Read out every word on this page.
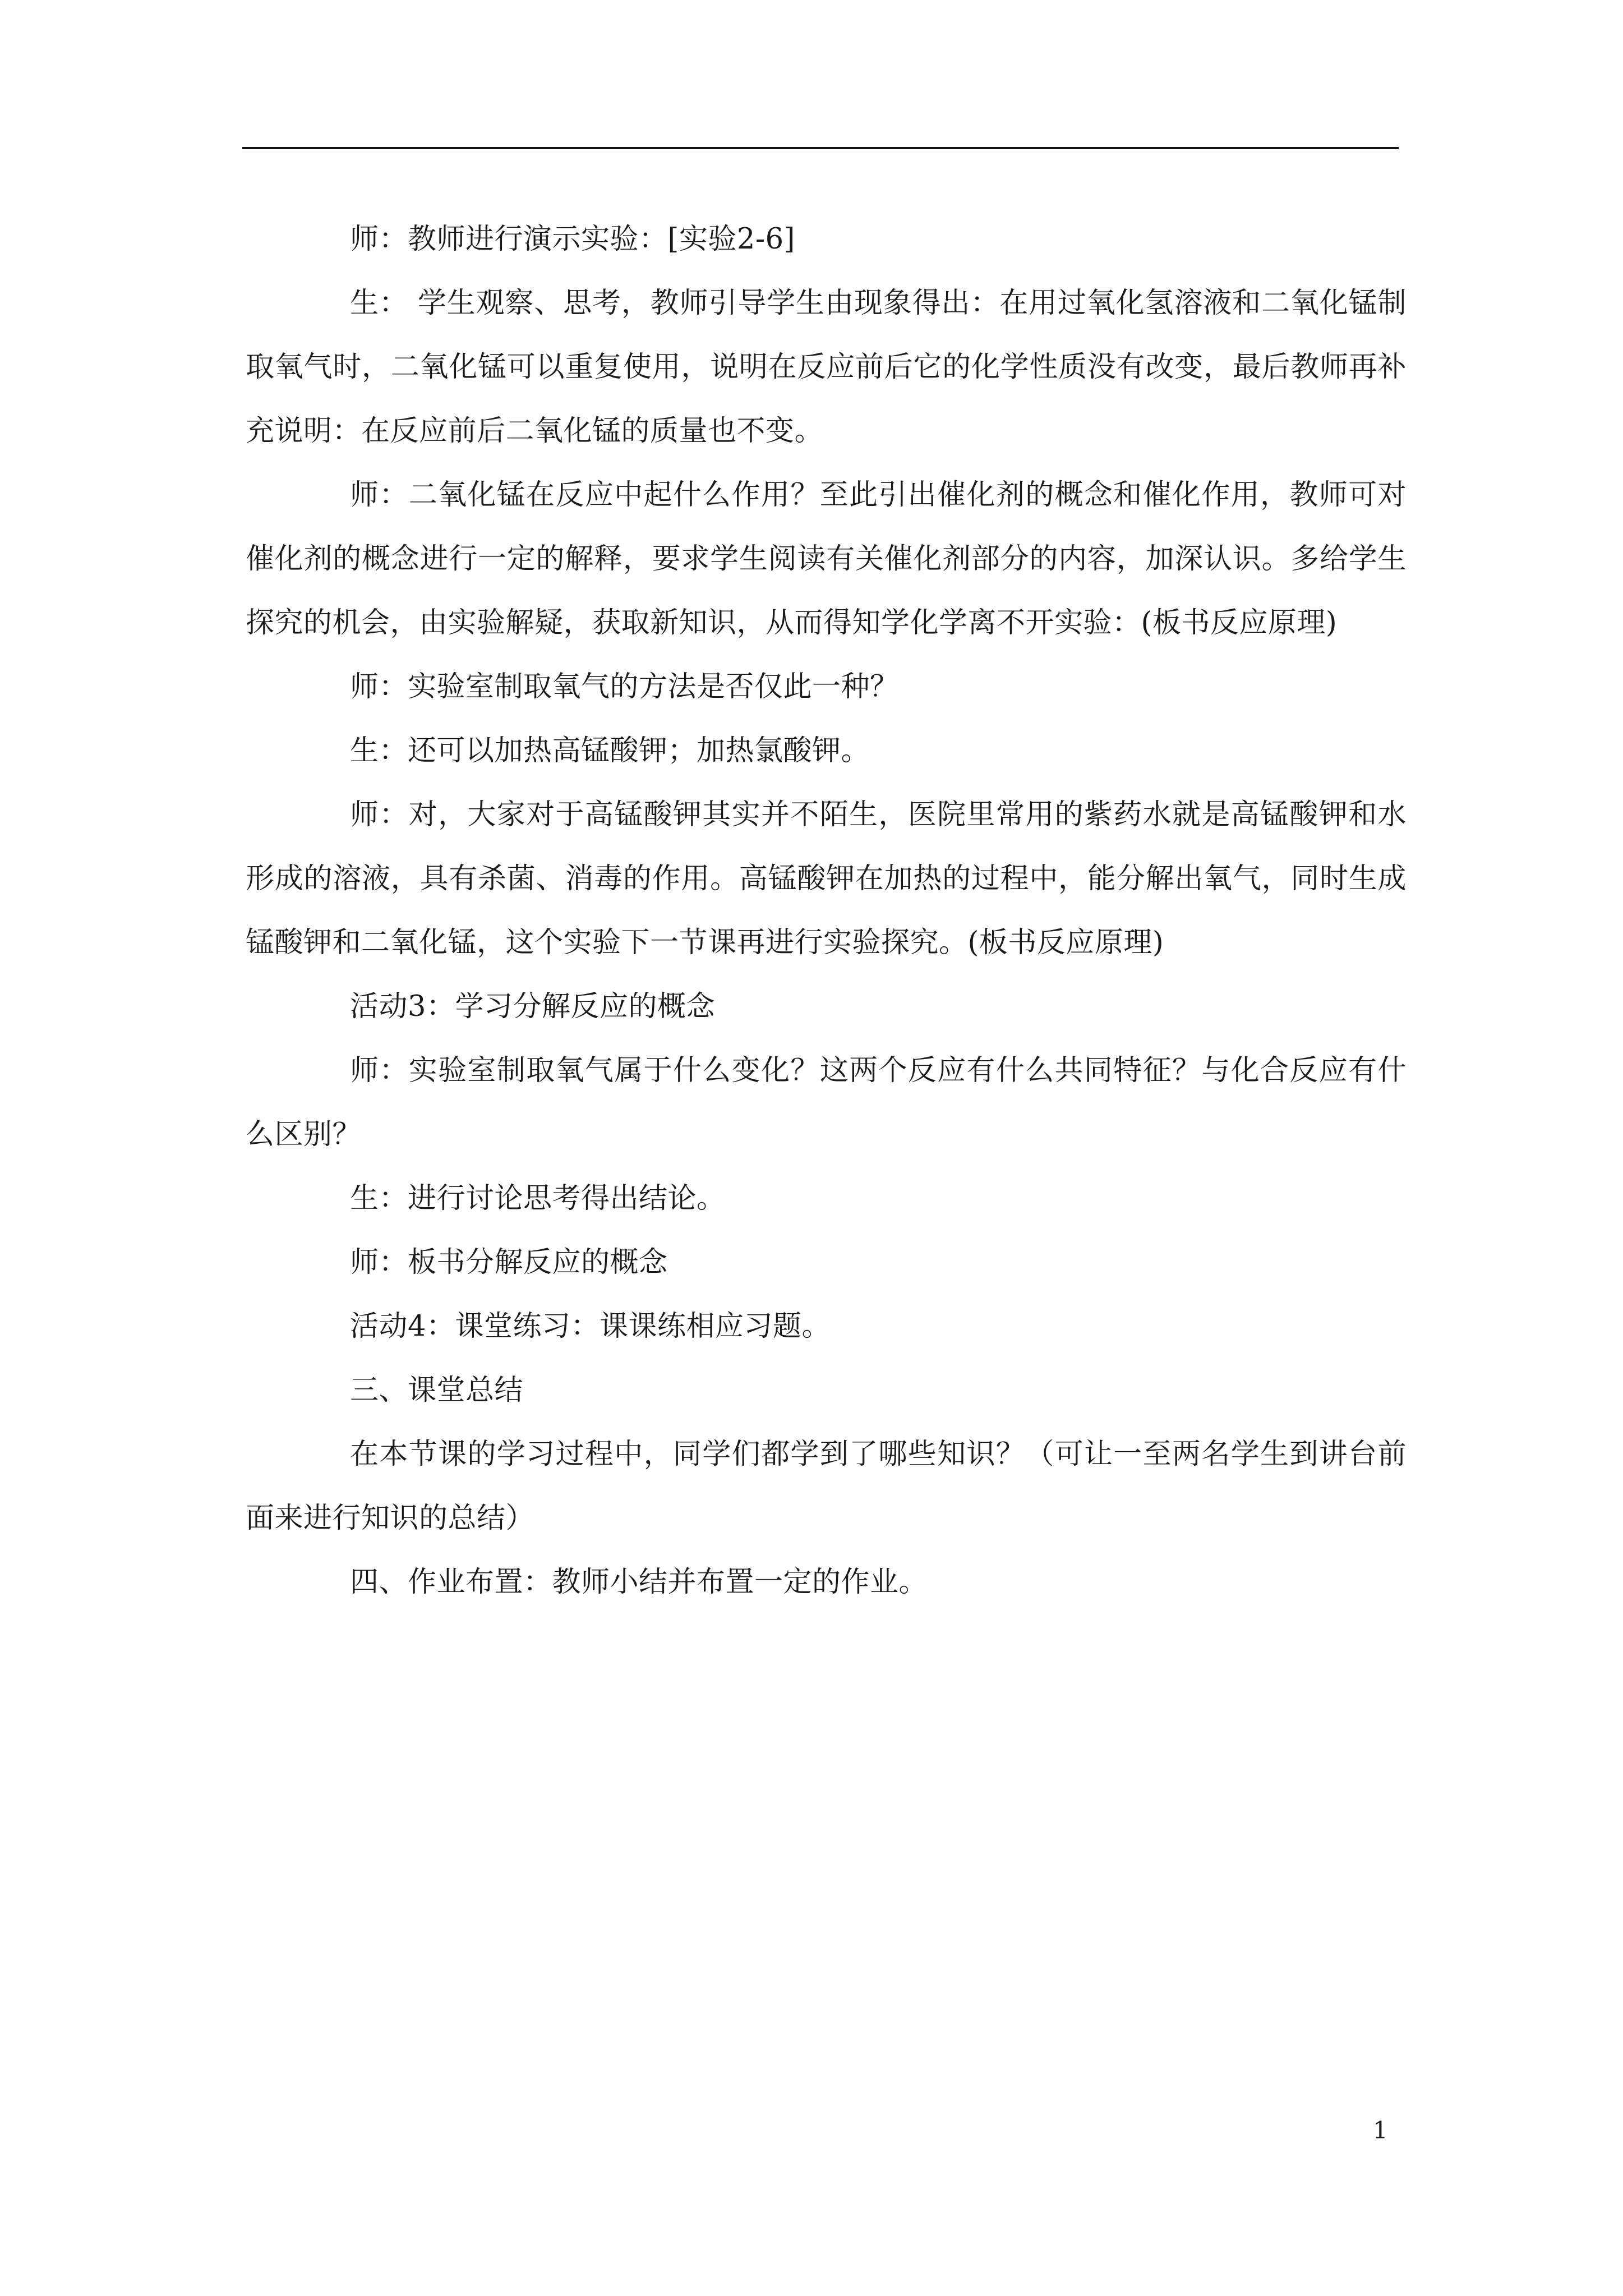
师：教师进行演示实验：[实验2-6]

生： 学生观察、思考，教师引导学生由现象得出：在用过氧化氢溶液和二氧化锰制取氧气时，二氧化锰可以重复使用，说明在反应前后它的化学性质没有改变，最后教师再补充说明：在反应前后二氧化锰的质量也不变。

师：二氧化锰在反应中起什么作用？至此引出催化剂的概念和催化作用，教师可对催化剂的概念进行一定的解释，要求学生阅读有关催化剂部分的内容，加深认识。多给学生探究的机会，由实验解疑，获取新知识，从而得知学化学离不开实验：(板书反应原理)

师：实验室制取氧气的方法是否仅此一种？

生：还可以加热高锰酸钾；加热氯酸钾。

师：对，大家对于高锰酸钾其实并不陌生，医院里常用的紫药水就是高锰酸钾和水形成的溶液，具有杀菌、消毒的作用。高锰酸钾在加热的过程中，能分解出氧气，同时生成锰酸钾和二氧化锰，这个实验下一节课再进行实验探究。(板书反应原理)

活动3：学习分解反应的概念

师：实验室制取氧气属于什么变化？这两个反应有什么共同特征？与化合反应有什么区别？

生：进行讨论思考得出结论。

师：板书分解反应的概念

活动4：课堂练习：课课练相应习题。

三、课堂总结

在本节课的学习过程中，同学们都学到了哪些知识？（可让一至两名学生到讲台前面来进行知识的总结）

四、作业布置：教师小结并布置一定的作业。

1
